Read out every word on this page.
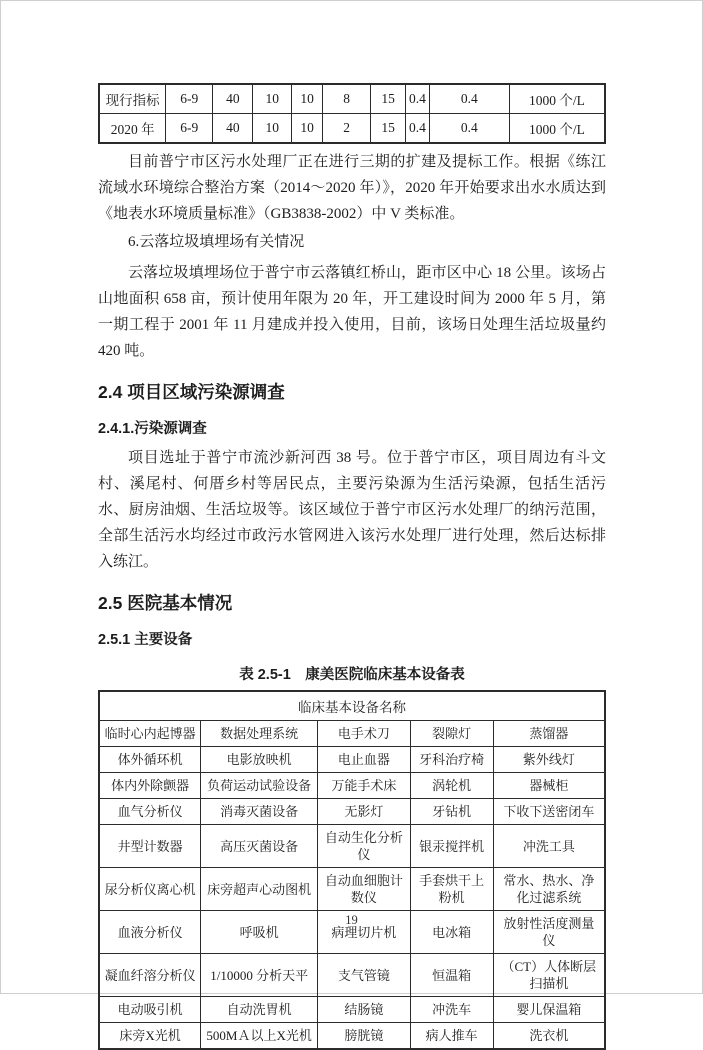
现行指标	6-9	40	10	10	8	15	0.4	0.4	1000 个/L
2020 年	6-9	40	10	10	2	15	0.4	0.4	1000 个/L

目前普宁市区污水处理厂正在进行三期的扩建及提标工作。根据《练江流域水环境综合整治方案（2014～2020 年）》，2020 年开始要求出水水质达到《地表水环境质量标准》（GB3838-2002）中 V 类标准。

6.云落垃圾填埋场有关情况

云落垃圾填埋场位于普宁市云落镇红桥山，距市区中心 18 公里。该场占山地面积 658 亩，预计使用年限为 20 年，开工建设时间为 2000 年 5 月，第一期工程于 2001 年 11 月建成并投入使用，目前，该场日处理生活垃圾量约 420 吨。

2.4 项目区域污染源调查
2.4.1.污染源调查

项目选址于普宁市流沙新河西 38 号。位于普宁市区，项目周边有斗文村、溪尾村、何厝乡村等居民点，主要污染源为生活污染源，包括生活污水、厨房油烟、生活垃圾等。该区域位于普宁市区污水处理厂的纳污范围，全部生活污水均经过市政污水管网进入该污水处理厂进行处理，然后达标排入练江。

2.5 医院基本情况
2.5.1 主要设备
表 2.5-1　康美医院临床基本设备表
临床基本设备名称				
临时心内起博器	数据处理系统	电手术刀	裂隙灯	蒸馏器
体外循环机	电影放映机	电止血器	牙科治疗椅	紫外线灯
体内外除颤器	负荷运动试验设备	万能手术床	涡轮机	器械柜
血气分析仪	消毒灭菌设备	无影灯	牙钻机	下收下送密闭车
井型计数器	高压灭菌设备	自动生化分析仪	银汞搅拌机	冲洗工具
尿分析仪离心机	床旁超声心动图机	自动血细胞计数仪	手套烘干上粉机	常水、热水、净化过滤系统
血液分析仪	呼吸机	病理切片机	电冰箱	放射性活度测量仪
凝血纤溶分析仪	1/10000 分析天平	支气管镜	恒温箱	（CT）人体断层扫描机
电动吸引机	自动洗胃机	结肠镜	冲洗车	婴儿保温箱
床旁X光机	500MＡ以上X光机	膀胱镜	病人推车	洗衣机
19
